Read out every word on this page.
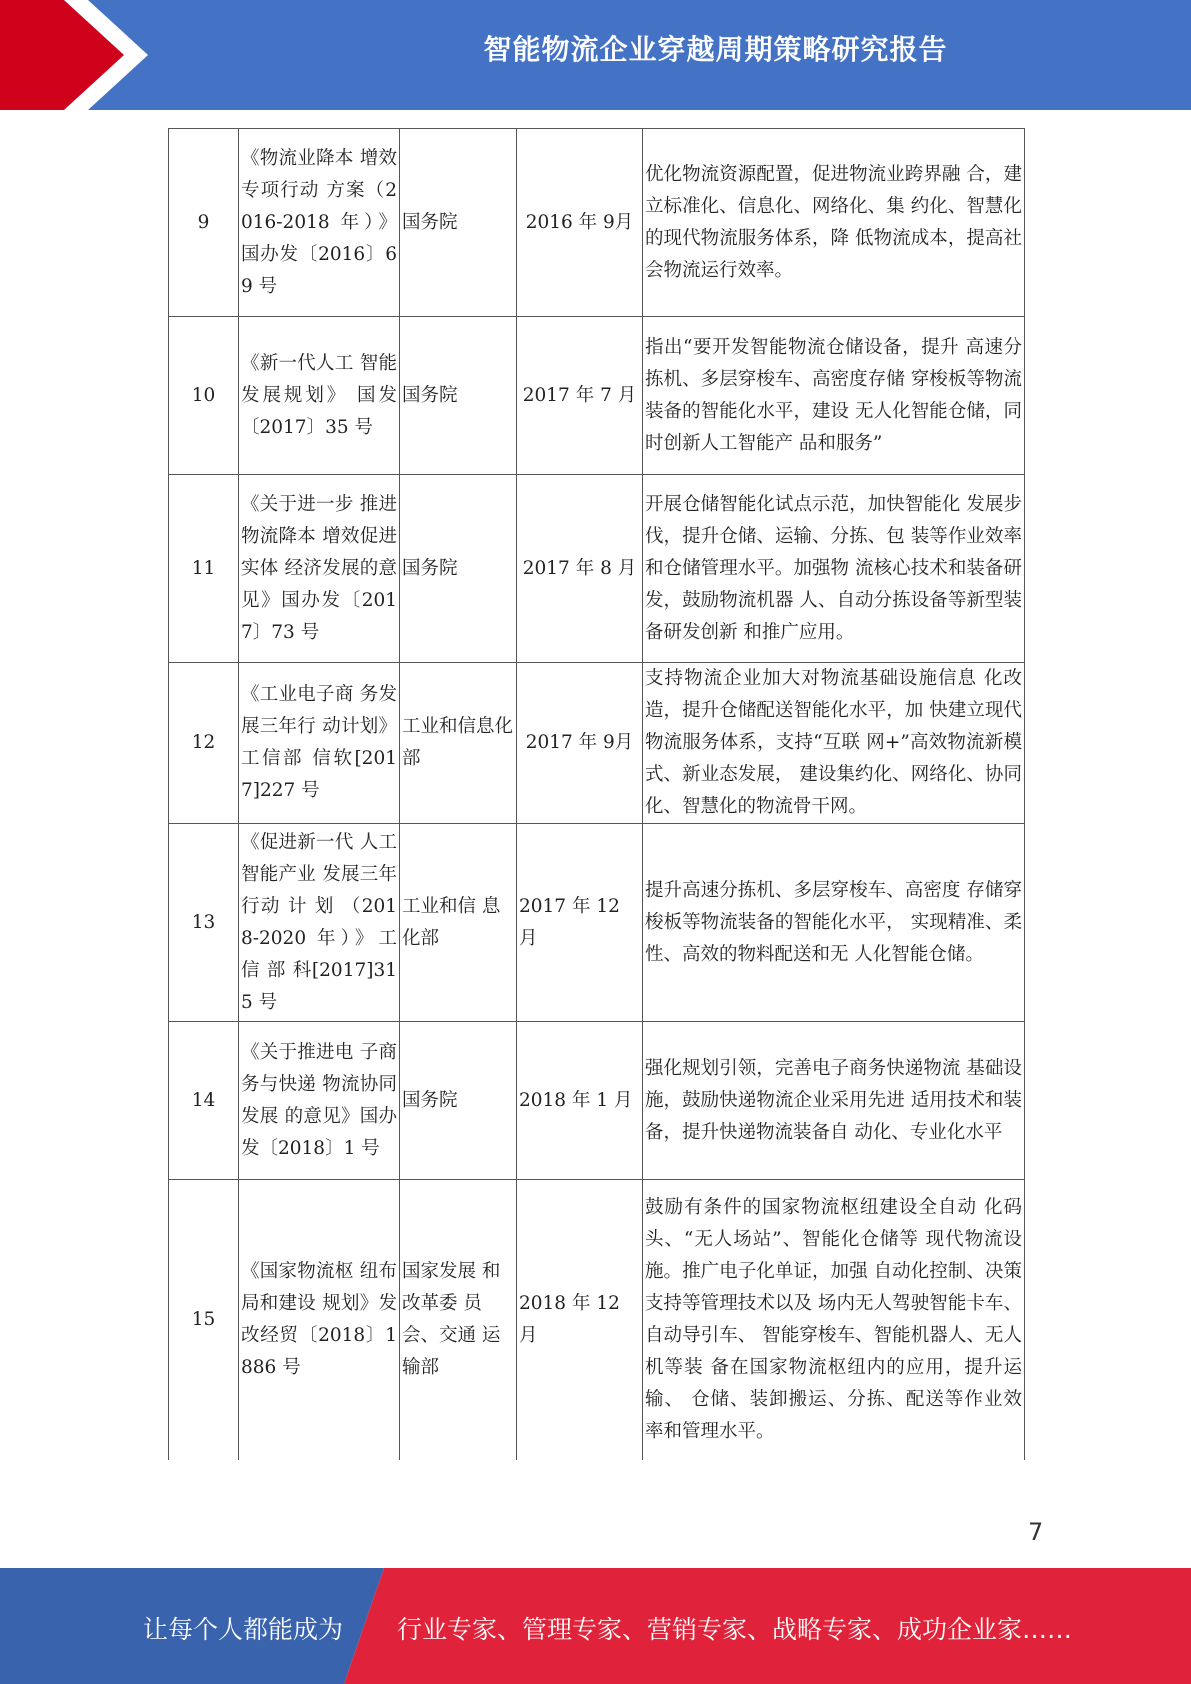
智能物流企业穿越周期策略研究报告
9	《物流业降本 增效专项行动 方案（2016-2018 年）》国办发〔2016〕69 号	国务院	2016 年 9月	优化物流资源配置，促进物流业跨界融 合，建立标准化、信息化、网络化、集 约化、智慧化的现代物流服务体系，降 低物流成本，提高社会物流运行效率。
10	《新一代人工 智能发展规划》 国发〔2017〕35 号	国务院	2017 年 7 月	指出“要开发智能物流仓储设备，提升 高速分拣机、多层穿梭车、高密度存储 穿梭板等物流装备的智能化水平，建设 无人化智能仓储，同时创新人工智能产 品和服务”
11	《关于进一步 推进物流降本 增效促进实体 经济发展的意 见》国办发〔2017〕73 号	国务院	2017 年 8 月	开展仓储智能化试点示范，加快智能化 发展步伐，提升仓储、运输、分拣、包 装等作业效率和仓储管理水平。加强物 流核心技术和装备研发，鼓励物流机器 人、自动分拣设备等新型装备研发创新 和推广应用。
12	《工业电子商 务发展三年行 动计划》工信部 信软[2017]227 号	工业和信息化部	2017 年 9月	支持物流企业加大对物流基础设施信息 化改造，提升仓储配送智能化水平，加 快建立现代物流服务体系，支持“互联 网+”高效物流新模式、新业态发展， 建设集约化、网络化、协同化、智慧化的物流骨干网。
13	《促进新一代 人工智能产业 发展三年行动 计 划 （2018-2020 年）》工 信 部 科[2017]315 号	工业和信 息化部	2017 年 12 月	提升高速分拣机、多层穿梭车、高密度 存储穿梭板等物流装备的智能化水平， 实现精准、柔性、高效的物料配送和无 人化智能仓储。
14	《关于推进电 子商务与快递 物流协同发展 的意见》国办发〔2018〕1 号	国务院	2018 年 1 月	强化规划引领，完善电子商务快递物流 基础设施，鼓励快递物流企业采用先进 适用技术和装备，提升快递物流装备自 动化、专业化水平
15	《国家物流枢 纽布局和建设 规划》发改经贸〔2018〕1886 号	国家发展 和改革委 员会、交通 运输部	2018 年 12 月	鼓励有条件的国家物流枢纽建设全自动 化码头、“无人场站”、智能化仓储等 现代物流设施。推广电子化单证，加强 自动化控制、决策支持等管理技术以及 场内无人驾驶智能卡车、自动导引车、 智能穿梭车、智能机器人、无人机等装 备在国家物流枢纽内的应用，提升运输、 仓储、装卸搬运、分拣、配送等作业效 率和管理水平。
7
让每个人都能成为 行业专家、管理专家、营销专家、战略专家、成功企业家……
